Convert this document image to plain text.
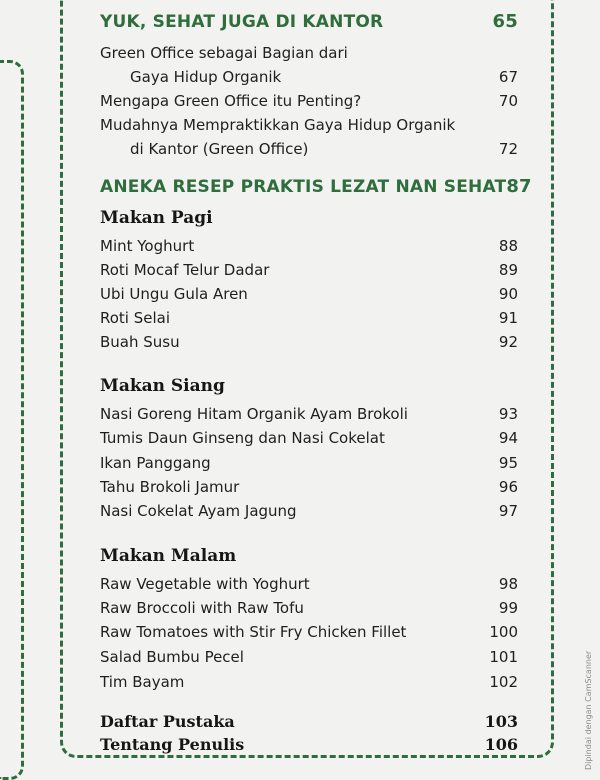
YUK, SEHAT JUGA DI KANTOR	65
Green Office sebagai Bagian dari
Gaya Hidup Organik	67
Mengapa Green Office itu Penting?	70
Mudahnya Mempraktikkan Gaya Hidup Organik
di Kantor (Green Office)	72
ANEKA RESEP PRAKTIS LEZAT NAN SEHAT 87
Makan Pagi
Mint Yoghurt	88
Roti Mocaf Telur Dadar	89
Ubi Ungu Gula Aren	90
Roti Selai	91
Buah Susu	92
Makan Siang
Nasi Goreng Hitam Organik Ayam Brokoli	93
Tumis Daun Ginseng dan Nasi Cokelat	94
Ikan Panggang	95
Tahu Brokoli Jamur	96
Nasi Cokelat Ayam Jagung	97
Makan Malam
Raw Vegetable with Yoghurt	98
Raw Broccoli with Raw Tofu	99
Raw Tomatoes with Stir Fry Chicken Fillet	100
Salad Bumbu Pecel	101
Tim Bayam	102
Daftar Pustaka	103
Tentang Penulis	106	Dipindai dengan CamScanner
